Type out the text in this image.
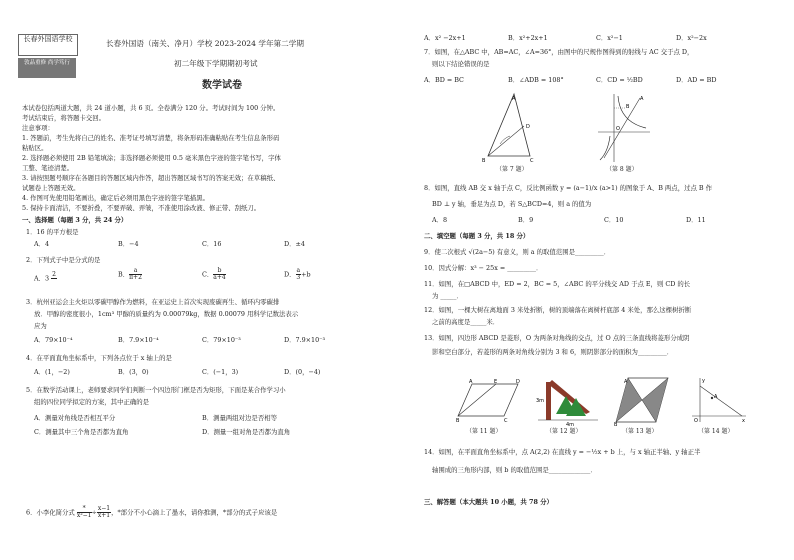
长春外国语学校
敦品重修 尚学笃行
长春外国语（南关、净月）学校 2023-2024 学年第二学期
初二年级下学期期初考试
数学试卷
本试卷包括两道大题，共 24 道小题，共 6 页。全卷满分 120 分。考试时间为 100 分钟。
考试结束后，将答题卡交回。
注意事项：
1. 答题前，考生先将自己的姓名、准考证号填写清楚，将条形码准确粘贴在考生信息条形码
粘贴区。
2. 选择题必须使用 2B 铅笔填涂；非选择题必须使用 0.5 毫米黑色字迹的签字笔书写，字体
工整、笔迹清楚。
3. 请按照题号顺序在各题目的答题区域内作答，超出答题区域书写的答案无效；在草稿纸、
试题卷上答题无效。
4. 作图可先使用铅笔画出，确定后必须用黑色字迹的签字笔描黑。
5. 保持卡面清洁，不要折叠，不要弄破、弄皱，不准使用涂改液、修正带、刮纸刀。
一、选择题（每题 3 分，共 24 分）
1．16 的平方根是
A．4	B．−4	C．16	D．±4
2．下列式子中是分式的是
A．3 2
	B． $\frac{a}{\pi+2}$	C． $\frac{b}{a+4}$	D． $\frac{a}{3} +b$
3．杭州亚运会主火炬以零碳甲醇作为燃料，在亚运史上首次实现废碳再生、循环内零碳排
放．甲醇的密度很小，1cm³ 甲醇的质量约为 0.00079kg，数据 0.00079 用科学记数法表示
应为
A．79×10⁻⁴	B．7.9×10⁻⁴	C．79×10⁻³	D．7.9×10⁻³
4．在平面直角坐标系中，下列各点位于 x 轴上的是
A．(1，−2)	B．(3，0)	C．(−1，3)	D．(0，−4)
5．在数学活动课上，老师要求同学们判断一个四边形门框是否为矩形，下面是某合作学习小
组的四位同学拟定的方案，其中正确的是
A．测量对角线是否相互平分	B．测量两组对边是否相等
C．测量其中三个角是否都为直角	D．测量一组对角是否都为直角
6．小李化简分式 $\frac{*}{\text{x²−1}} \div \frac{x-1}{x+1}$ ，*部分不小心滴上了墨水，请你推测，*部分的式子应该是
A．x² −2x+1	B．x²+2x+1	C．x²−1	D．x²−2x
7．如图，在△ABC 中，AB=AC，∠A=36°，由图中的尺规作图得到的射线与 AC 交于点 D，
则以下结论错误的是
A．BD = BC	B．∠ADB = 108°	C．CD = ½BD	D．AD = BD
A
B	C
D
（第 7 题）
A
B
O
（第 8 题）
8．如图，直线 AB 交 x 轴于点 C，反比例函数 y = (a−1)/x (a>1) 的图象于 A、B 两点，过点 B 作
BD ⊥ y 轴，垂足为点 D，若 S△BCD=4，则 a 的值为
A．8	B．9	C．10	D．11
二、填空题（每题 3 分，共 18 分）
9．使二次根式 √(2a−5) 有意义，则 a 的取值范围是_________．
10．因式分解：x³ − 25x = _________．
11．如图，在□ABCD 中，ED = 2，BC = 5，∠ABC 的平分线交 AD 于点 E，则 CD 的长
为 _____．
12．如图，一棵大树在离地面 3 米处折断，树的顶端落在离树杆底部 4 米处，那么这棵树折断
之前的高度是_____米．
13．如图，四边形 ABCD 是菱形，O 为两条对角线的交点，过 O 点的三条直线将菱形分成阴
影和空白部分，若菱形的两条对角线分别为 3 和 6，则阴影部分的面积为_________．
A	E	D
B	C
（第 11 题）
3m
4m
（第 12 题）
A
B
（第 13 题）
A
O	x
y
（第 14 题）
14．如图，在平面直角坐标系中，点 A(2,2) 在直线 y = −½x + b 上，与 x 轴正半轴、y 轴正半
轴围成的三角形内部，则 b 的取值范围是_____________．
三、解答题（本大题共 10 小题，共 78 分）
